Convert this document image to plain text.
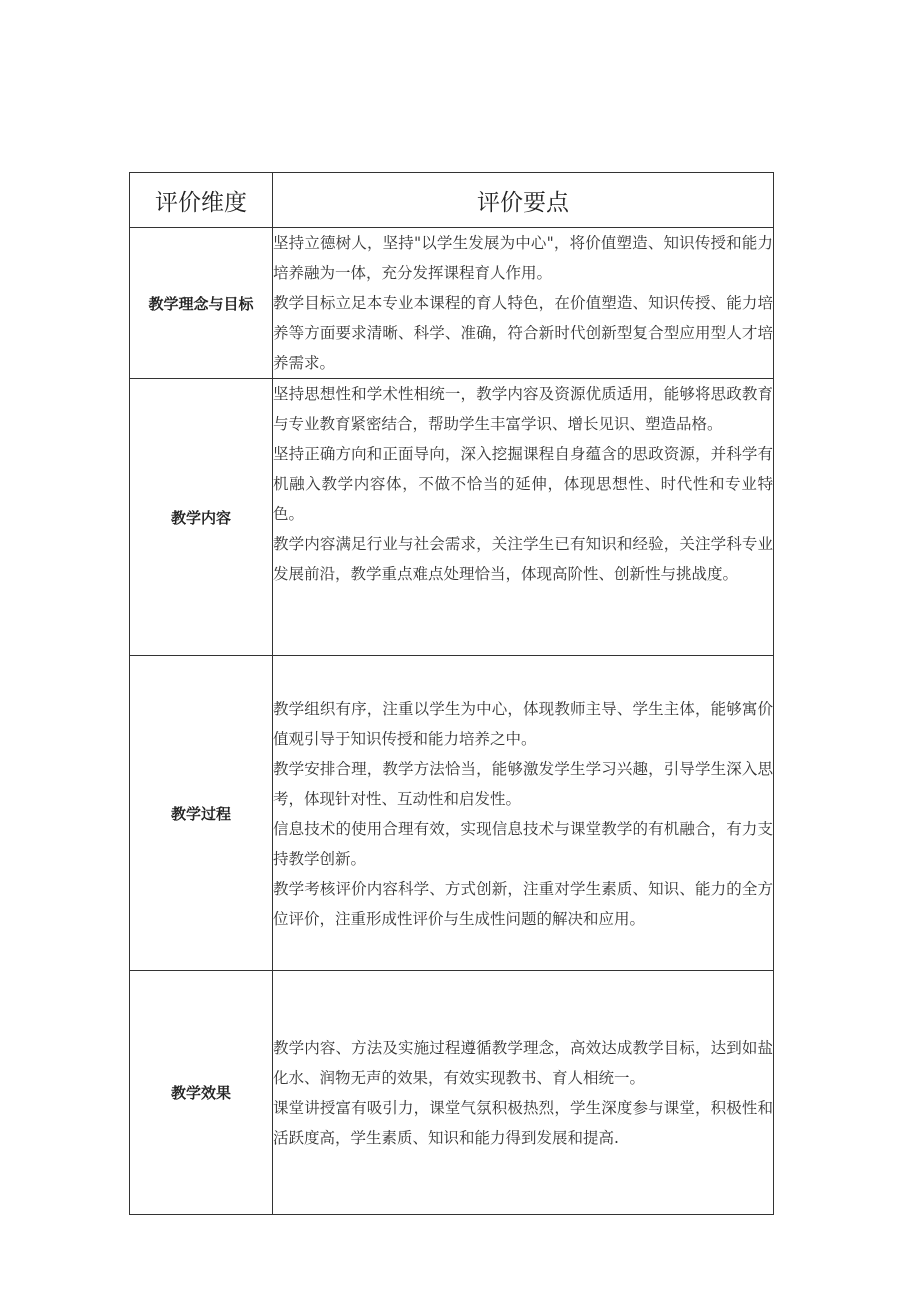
评价维度	评价要点
教学理念与目标	坚持立德树人，坚持"以学生发展为中心"，将价值塑造、知识传授和能力培养融为一体，充分发挥课程育人作用。

教学目标立足本专业本课程的育人特色，在价值塑造、知识传授、能力培养等方面要求清晰、科学、准确，符合新时代创新型复合型应用型人才培养需求。

教学内容	坚持思想性和学术性相统一，教学内容及资源优质适用，能够将思政教育与专业教育紧密结合，帮助学生丰富学识、增长见识、塑造品格。

坚持正确方向和正面导向，深入挖掘课程自身蕴含的思政资源，并科学有机融入教学内容体，不做不恰当的延伸，体现思想性、时代性和专业特色。

教学内容满足行业与社会需求，关注学生已有知识和经验，关注学科专业发展前沿，教学重点难点处理恰当，体现高阶性、创新性与挑战度。

教学过程	教学组织有序，注重以学生为中心，体现教师主导、学生主体，能够寓价值观引导于知识传授和能力培养之中。

教学安排合理，教学方法恰当，能够激发学生学习兴趣，引导学生深入思考，体现针对性、互动性和启发性。

信息技术的使用合理有效，实现信息技术与课堂教学的有机融合，有力支持教学创新。

教学考核评价内容科学、方式创新，注重对学生素质、知识、能力的全方位评价，注重形成性评价与生成性问题的解决和应用。

教学效果	教学内容、方法及实施过程遵循教学理念，高效达成教学目标，达到如盐化水、润物无声的效果，有效实现教书、育人相统一。

课堂讲授富有吸引力，课堂气氛积极热烈，学生深度参与课堂，积极性和活跃度高，学生素质、知识和能力得到发展和提高.
